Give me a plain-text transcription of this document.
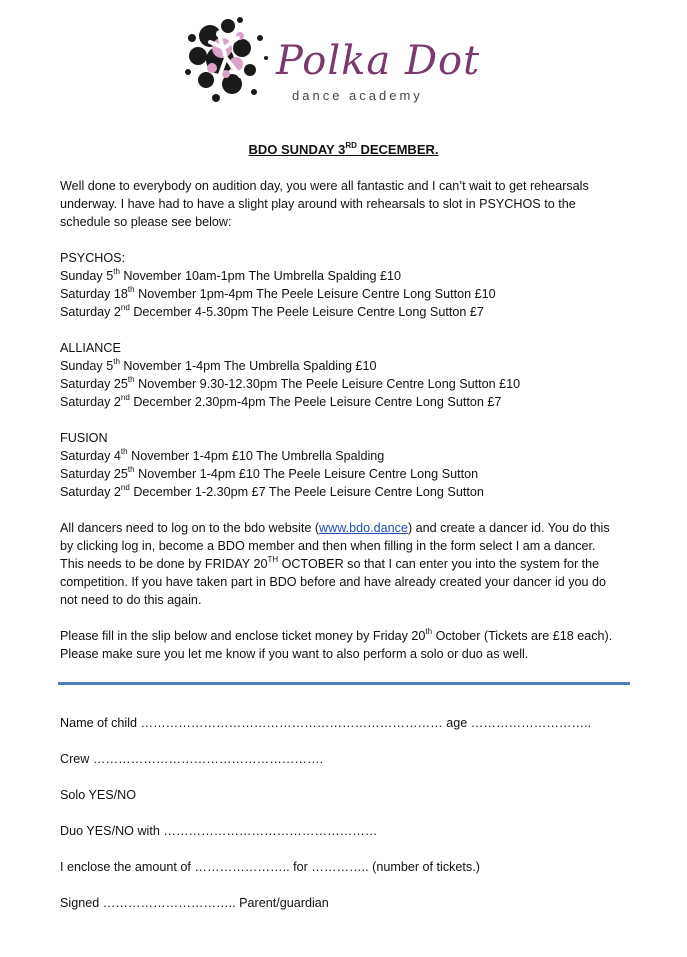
Polka Dot
dance academy
BDO SUNDAY 3RD DECEMBER.

Well done to everybody on audition day, you were all fantastic and I can’t wait to get rehearsals underway. I have had to have a slight play around with rehearsals to slot in PSYCHOS to the schedule so please see below:

PSYCHOS:

Sunday 5th November 10am-1pm The Umbrella Spalding £10

Saturday 18th November 1pm-4pm The Peele Leisure Centre Long Sutton £10

Saturday 2nd December 4-5.30pm The Peele Leisure Centre Long Sutton £7

ALLIANCE

Sunday 5th November 1-4pm The Umbrella Spalding £10

Saturday 25th November 9.30-12.30pm The Peele Leisure Centre Long Sutton £10

Saturday 2nd December 2.30pm-4pm The Peele Leisure Centre Long Sutton £7

FUSION

Saturday 4th November 1-4pm £10 The Umbrella Spalding

Saturday 25th November 1-4pm £10 The Peele Leisure Centre Long Sutton

Saturday 2nd December 1-2.30pm £7 The Peele Leisure Centre Long Sutton

All dancers need to log on to the bdo website (www.bdo.dance) and create a dancer id. You do this by clicking log in, become a BDO member and then when filling in the form select I am a dancer. This needs to be done by FRIDAY 20TH OCTOBER so that I can enter you into the system for the competition. If you have taken part in BDO before and have already created your dancer id you do not need to do this again.

Please fill in the slip below and enclose ticket money by Friday 20th October (Tickets are £18 each). Please make sure you let me know if you want to also perform a solo or duo as well.

Name of child ……………………………………………………………… age ………………………..
Crew ……………………………………………….
Solo YES/NO
Duo YES/NO with ……………………………………………
I enclose the amount of ………………….. for ………….. (number of tickets.)
Signed ………………………….. Parent/guardian
